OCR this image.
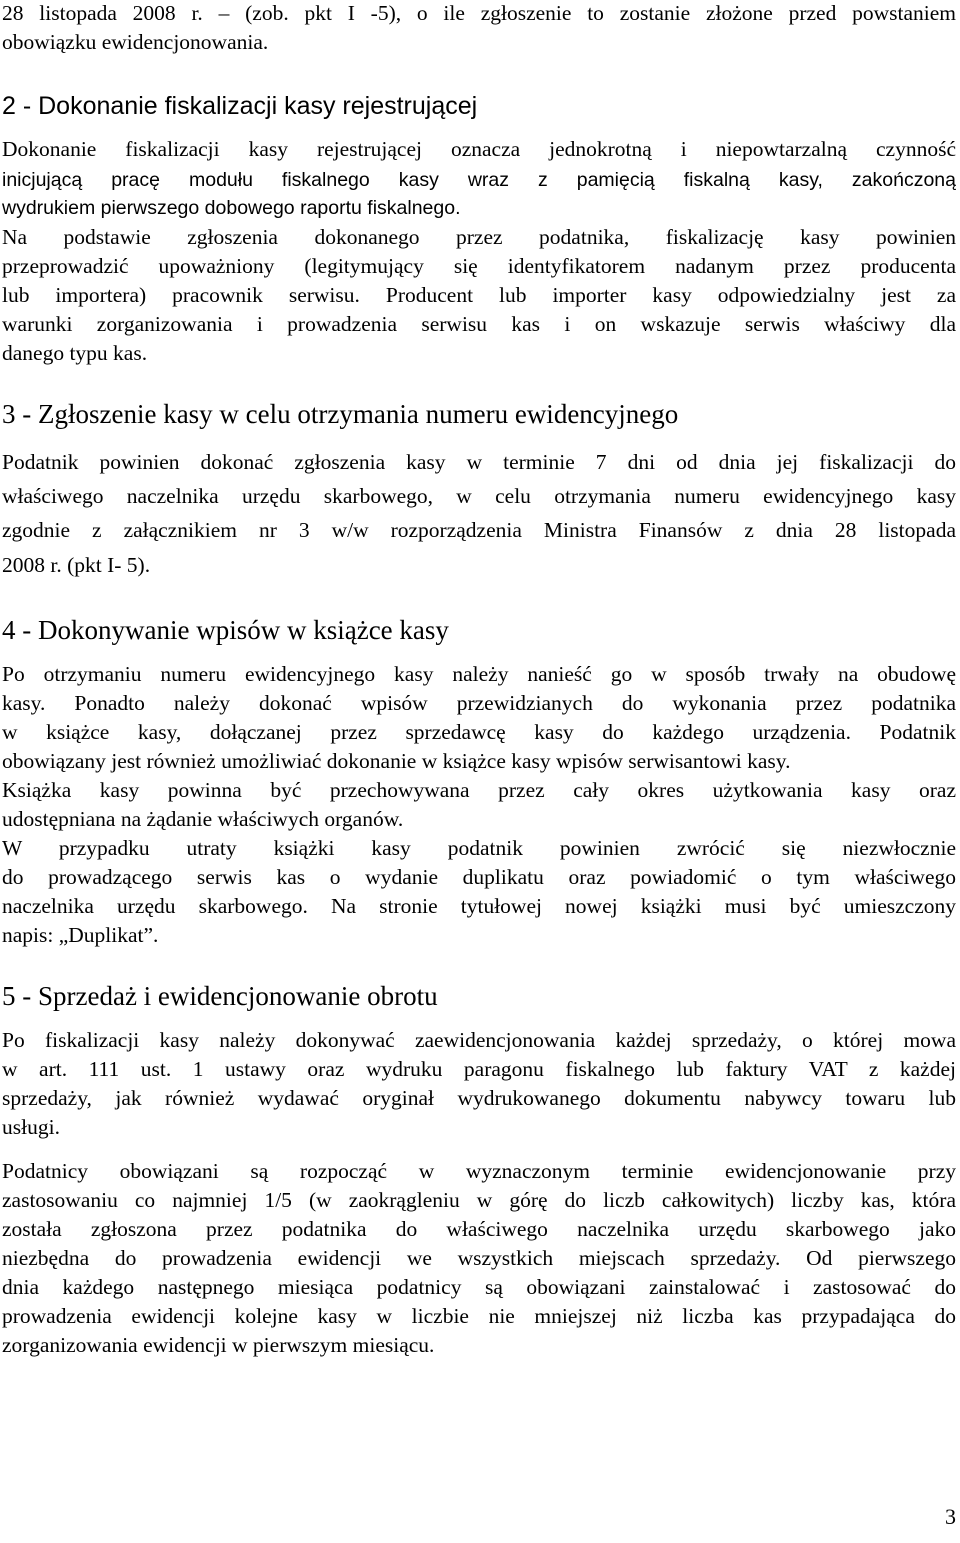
28 listopada 2008 r. – (zob. pkt I -5), o ile zgłoszenie to zostanie złożone przed powstaniem
obowiązku ewidencjonowania.
2 - Dokonanie fiskalizacji kasy rejestrującej
Dokonanie fiskalizacji kasy rejestrującej oznacza jednokrotną i niepowtarzalną czynność
inicjującą pracę modułu fiskalnego kasy wraz z pamięcią fiskalną kasy, zakończoną
wydrukiem pierwszego dobowego raportu fiskalnego.
Na podstawie zgłoszenia dokonanego przez podatnika, fiskalizację kasy powinien
przeprowadzić upoważniony (legitymujący się identyfikatorem nadanym przez producenta
lub importera) pracownik serwisu. Producent lub importer kasy odpowiedzialny jest za
warunki zorganizowania i prowadzenia serwisu kas i on wskazuje serwis właściwy dla
danego typu kas.
3 - Zgłoszenie kasy w celu otrzymania numeru ewidencyjnego
Podatnik powinien dokonać zgłoszenia kasy w terminie 7 dni od dnia jej fiskalizacji do
właściwego naczelnika urzędu skarbowego, w celu otrzymania numeru ewidencyjnego kasy
zgodnie z załącznikiem nr 3 w/w rozporządzenia Ministra Finansów z dnia 28 listopada
2008 r. (pkt I- 5).
4 - Dokonywanie wpisów w książce kasy
Po otrzymaniu numeru ewidencyjnego kasy należy nanieść go w sposób trwały na obudowę
kasy. Ponadto należy dokonać wpisów przewidzianych do wykonania przez podatnika
w książce kasy, dołączanej przez sprzedawcę kasy do każdego urządzenia. Podatnik
obowiązany jest również umożliwiać dokonanie w książce kasy wpisów serwisantowi kasy.
Książka kasy powinna być przechowywana przez cały okres użytkowania kasy oraz
udostępniana na żądanie właściwych organów.
W przypadku utraty książki kasy podatnik powinien zwrócić się niezwłocznie
do prowadzącego serwis kas o wydanie duplikatu oraz powiadomić o tym właściwego
naczelnika urzędu skarbowego. Na stronie tytułowej nowej książki musi być umieszczony
napis: „Duplikat”.
5 - Sprzedaż i ewidencjonowanie obrotu
Po fiskalizacji kasy należy dokonywać zaewidencjonowania każdej sprzedaży, o której mowa
w art. 111 ust. 1 ustawy oraz wydruku paragonu fiskalnego lub faktury VAT z każdej
sprzedaży, jak również wydawać oryginał wydrukowanego dokumentu nabywcy towaru lub
usługi.
Podatnicy obowiązani są rozpocząć w wyznaczonym terminie ewidencjonowanie przy
zastosowaniu co najmniej 1/5 (w zaokrągleniu w górę do liczb całkowitych) liczby kas, która
została zgłoszona przez podatnika do właściwego naczelnika urzędu skarbowego jako
niezbędna do prowadzenia ewidencji we wszystkich miejscach sprzedaży. Od pierwszego
dnia każdego następnego miesiąca podatnicy są obowiązani zainstalować i zastosować do
prowadzenia ewidencji kolejne kasy w liczbie nie mniejszej niż liczba kas przypadająca do
zorganizowania ewidencji w pierwszym miesiącu.
3
